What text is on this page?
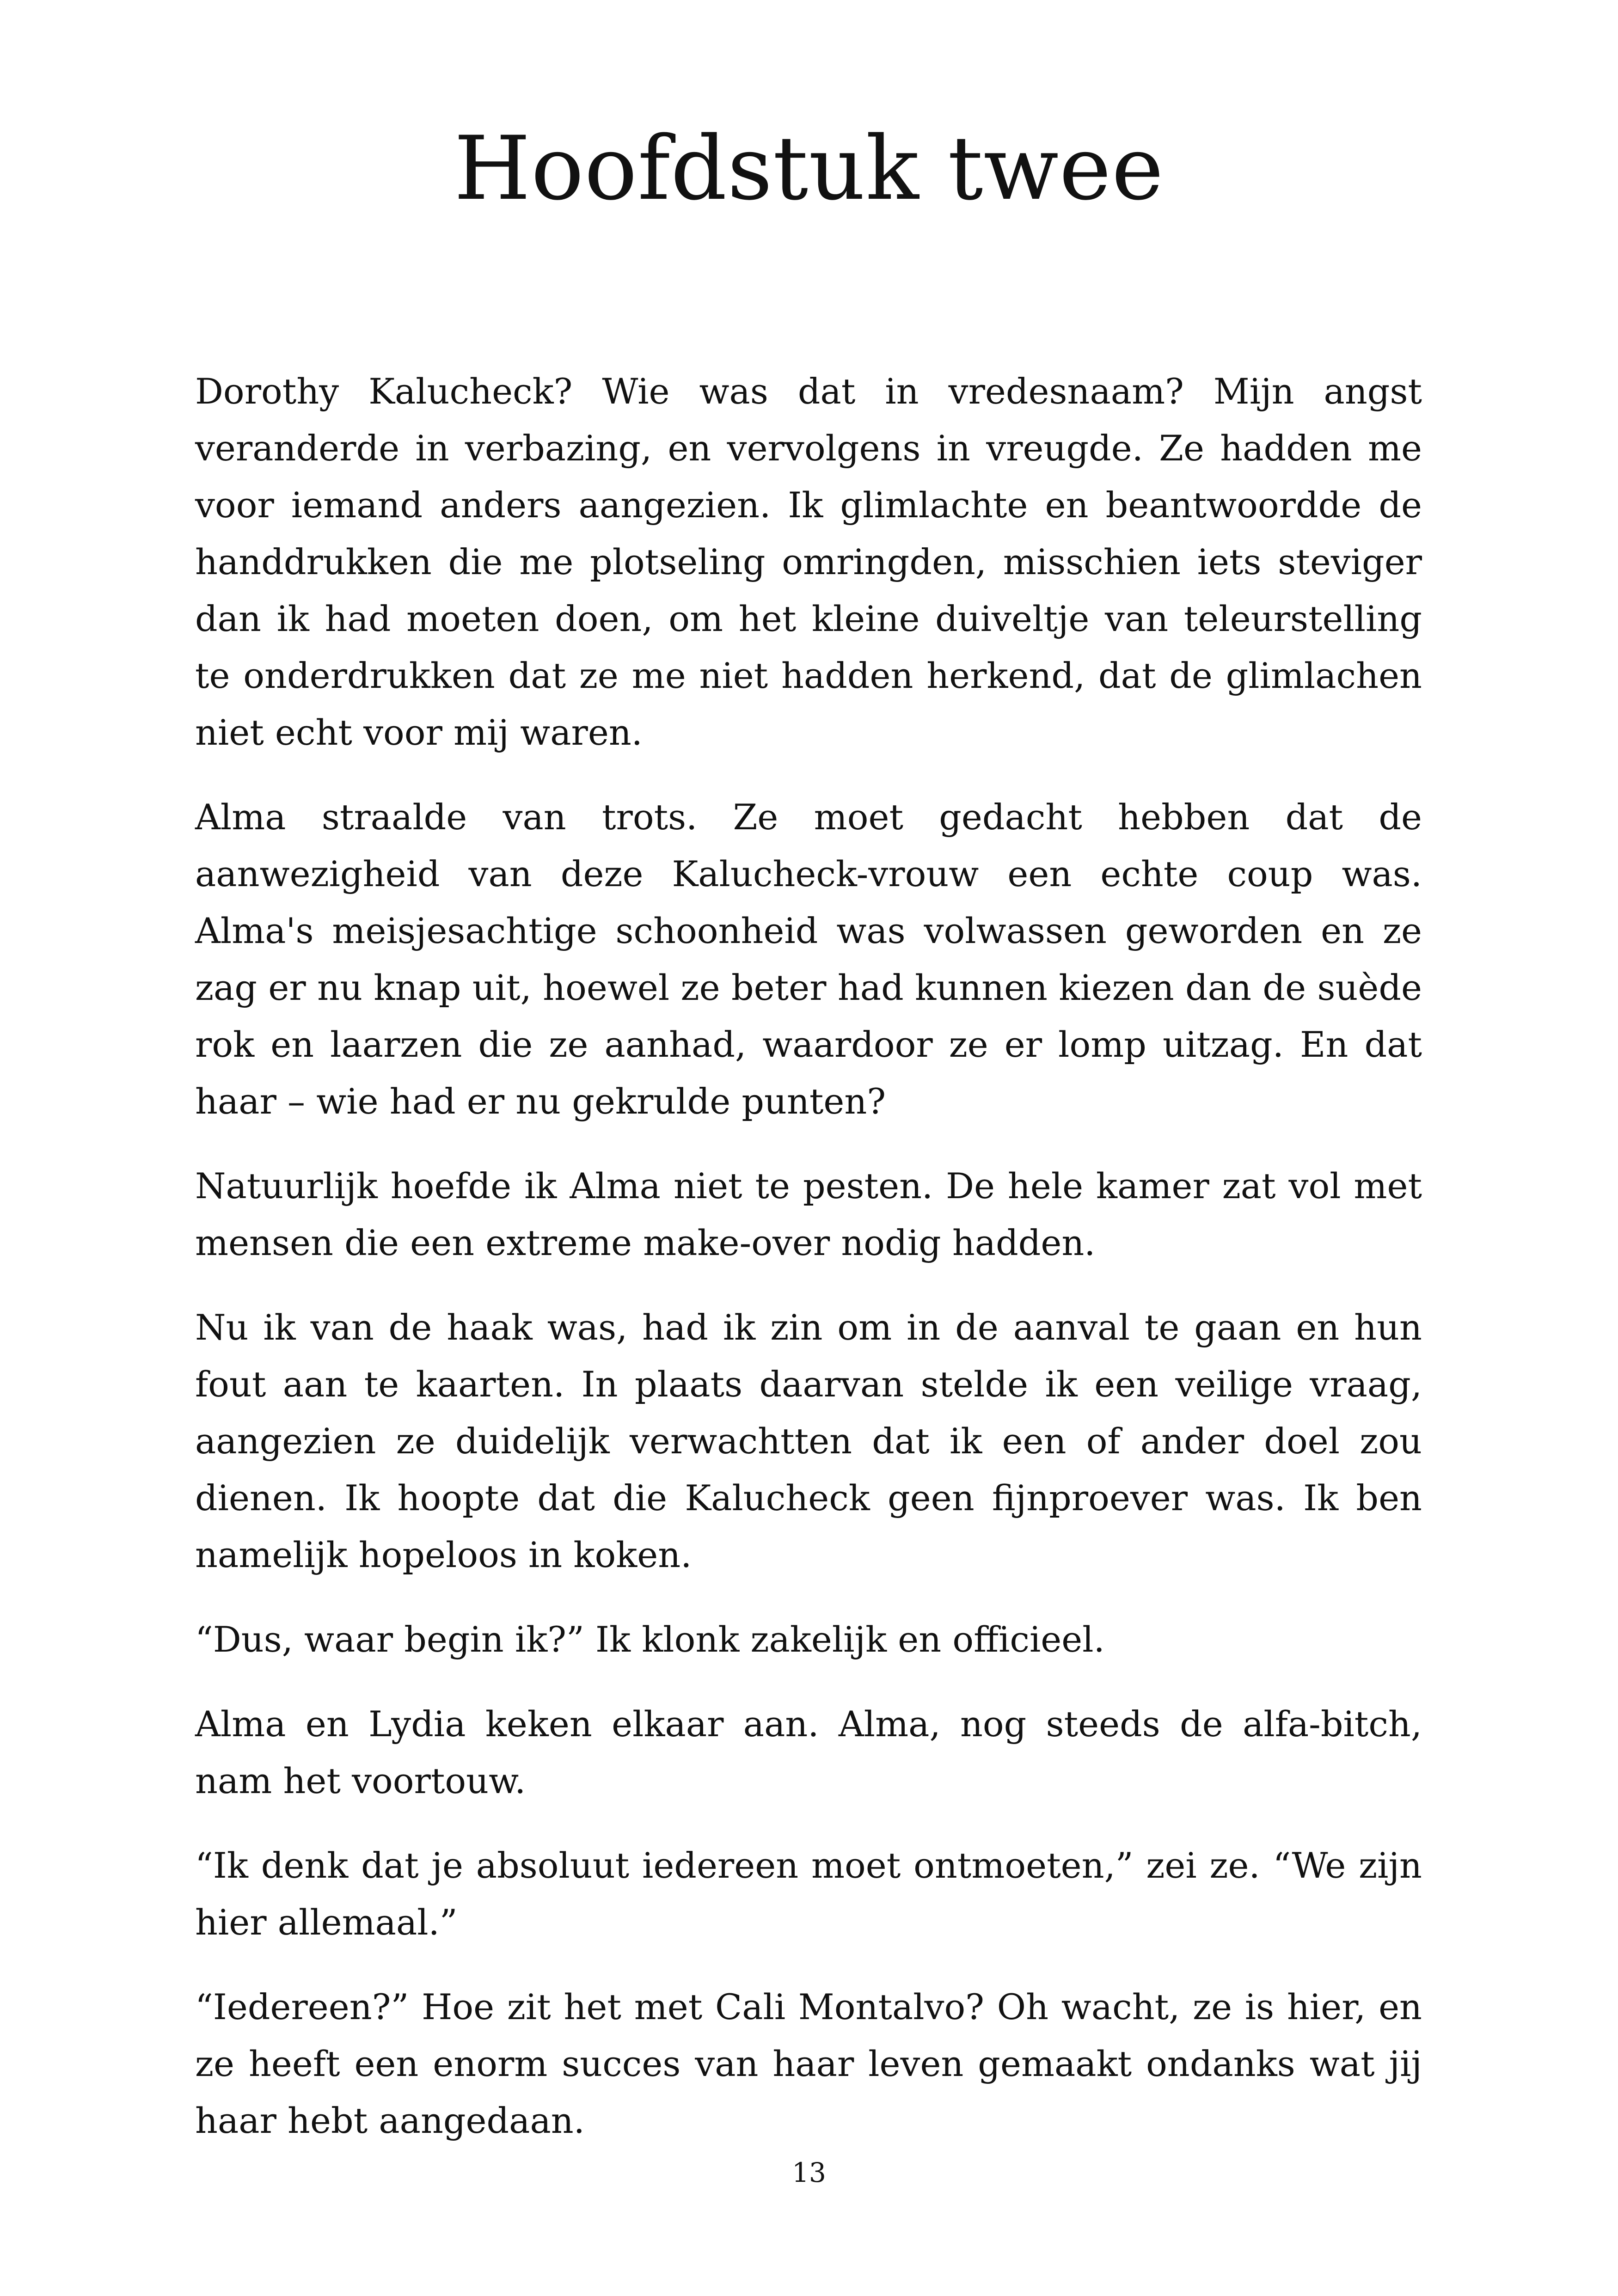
Hoofdstuk twee

Dorothy Kalucheck? Wie was dat in vredesnaam? Mijn angst veranderde in verbazing, en vervolgens in vreugde. Ze hadden me voor iemand anders aangezien. Ik glimlachte en beantwoordde de handdrukken die me plotseling omringden, misschien iets steviger dan ik had moeten doen, om het kleine duiveltje van teleurstelling te onderdrukken dat ze me niet hadden herkend, dat de glimlachen niet echt voor mij waren.

Alma straalde van trots. Ze moet gedacht hebben dat de aanwezigheid van deze Kalucheck-vrouw een echte coup was. Alma's meisjesachtige schoonheid was volwassen geworden en ze zag er nu knap uit, hoewel ze beter had kunnen kiezen dan de suède rok en laarzen die ze aanhad, waardoor ze er lomp uitzag. En dat haar – wie had er nu gekrulde punten?

Natuurlijk hoefde ik Alma niet te pesten. De hele kamer zat vol met mensen die een extreme make-over nodig hadden.

Nu ik van de haak was, had ik zin om in de aanval te gaan en hun fout aan te kaarten. In plaats daarvan stelde ik een veilige vraag, aangezien ze duidelijk verwachtten dat ik een of ander doel zou dienen. Ik hoopte dat die Kalucheck geen fijnproever was. Ik ben namelijk hopeloos in koken.

“Dus, waar begin ik?” Ik klonk zakelijk en officieel.

Alma en Lydia keken elkaar aan. Alma, nog steeds de alfa-bitch, nam het voortouw.

“Ik denk dat je absoluut iedereen moet ontmoeten,” zei ze. “We zijn hier allemaal.”

“Iedereen?” Hoe zit het met Cali Montalvo? Oh wacht, ze is hier, en ze heeft een enorm succes van haar leven gemaakt ondanks wat jij haar hebt aangedaan.

13
